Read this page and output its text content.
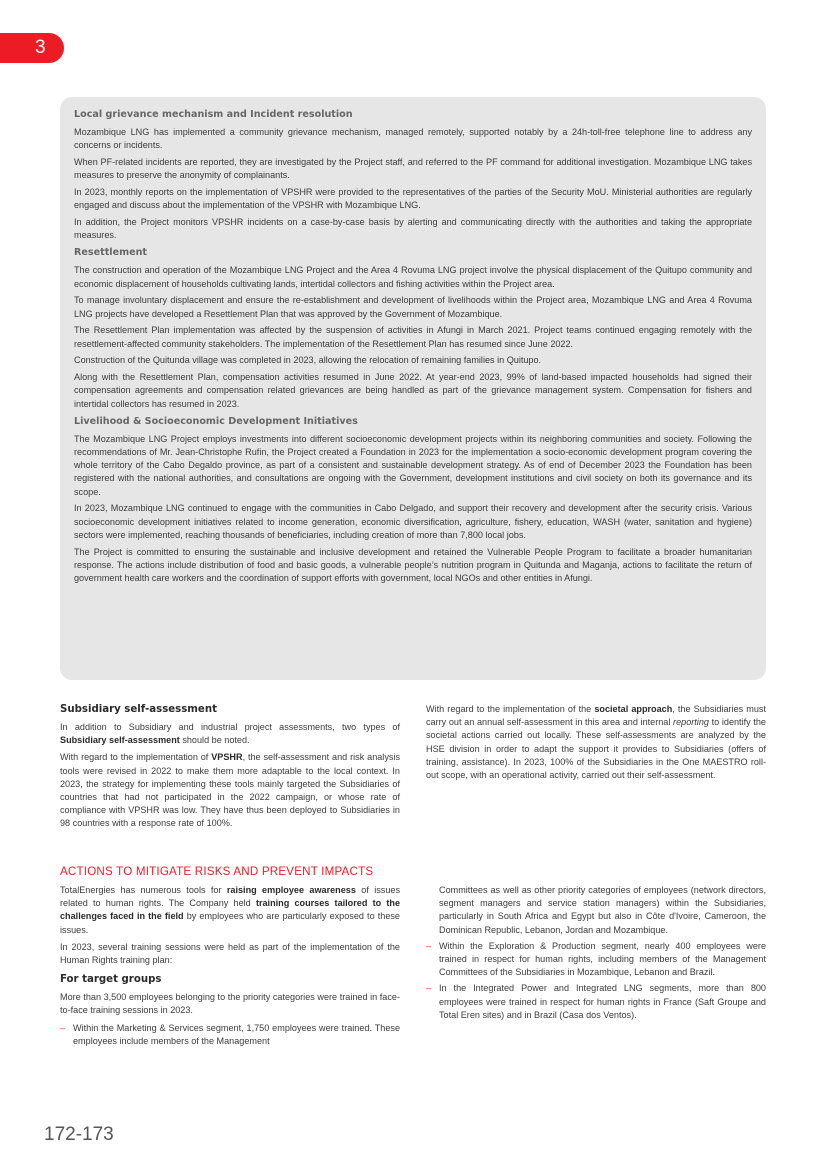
3
Local grievance mechanism and Incident resolution

Mozambique LNG has implemented a community grievance mechanism, managed remotely, supported notably by a 24h-toll-free telephone line to address any concerns or incidents.

When PF-related incidents are reported, they are investigated by the Project staff, and referred to the PF command for additional investigation. Mozambique LNG takes measures to preserve the anonymity of complainants.

In 2023, monthly reports on the implementation of VPSHR were provided to the representatives of the parties of the Security MoU. Ministerial authorities are regularly engaged and discuss about the implementation of the VPSHR with Mozambique LNG.

In addition, the Project monitors VPSHR incidents on a case-by-case basis by alerting and communicating directly with the authorities and taking the appropriate measures.

Resettlement

The construction and operation of the Mozambique LNG Project and the Area 4 Rovuma LNG project involve the physical displacement of the Quitupo community and economic displacement of households cultivating lands, intertidal collectors and fishing activities within the Project area.

To manage involuntary displacement and ensure the re-establishment and development of livelihoods within the Project area, Mozambique LNG and Area 4 Rovuma LNG projects have developed a Resettlement Plan that was approved by the Government of Mozambique.

The Resettlement Plan implementation was affected by the suspension of activities in Afungi in March 2021. Project teams continued engaging remotely with the resettlement-affected community stakeholders. The implementation of the Resettlement Plan has resumed since June 2022.

Construction of the Quitunda village was completed in 2023, allowing the relocation of remaining families in Quitupo.

Along with the Resettlement Plan, compensation activities resumed in June 2022. At year-end 2023, 99% of land-based impacted households had signed their compensation agreements and compensation related grievances are being handled as part of the grievance management system. Compensation for fishers and intertidal collectors has resumed in 2023.

Livelihood & Socioeconomic Development Initiatives

The Mozambique LNG Project employs investments into different socioeconomic development projects within its neighboring communities and society. Following the recommendations of Mr. Jean-Christophe Rufin, the Project created a Foundation in 2023 for the implementation a socio-economic development program covering the whole territory of the Cabo Degaldo province, as part of a consistent and sustainable development strategy. As of end of December 2023 the Foundation has been registered with the national authorities, and consultations are ongoing with the Government, development institutions and civil society on both its governance and its scope.

In 2023, Mozambique LNG continued to engage with the communities in Cabo Delgado, and support their recovery and development after the security crisis. Various socioeconomic development initiatives related to income generation, economic diversification, agriculture, fishery, education, WASH (water, sanitation and hygiene) sectors were implemented, reaching thousands of beneficiaries, including creation of more than 7,800 local jobs.

The Project is committed to ensuring the sustainable and inclusive development and retained the Vulnerable People Program to facilitate a broader humanitarian response. The actions include distribution of food and basic goods, a vulnerable people’s nutrition program in Quitunda and Maganja, actions to facilitate the return of government health care workers and the coordination of support efforts with government, local NGOs and other entities in Afungi.

Subsidiary self-assessment

In addition to Subsidiary and industrial project assessments, two types of Subsidiary self-assessment should be noted.

With regard to the implementation of VPSHR, the self-assessment and risk analysis tools were revised in 2022 to make them more adaptable to the local context. In 2023, the strategy for implementing these tools mainly targeted the Subsidiaries of countries that had not participated in the 2022 campaign, or whose rate of compliance with VPSHR was low. They have thus been deployed to Subsidiaries in 98 countries with a response rate of 100%.

With regard to the implementation of the societal approach, the Subsidiaries must carry out an annual self-assessment in this area and internal reporting to identify the societal actions carried out locally. These self-assessments are analyzed by the HSE division in order to adapt the support it provides to Subsidiaries (offers of training, assistance). In 2023, 100% of the Subsidiaries in the One MAESTRO roll-out scope, with an operational activity, carried out their self-assessment.

ACTIONS TO MITIGATE RISKS AND PREVENT IMPACTS

TotalEnergies has numerous tools for raising employee awareness of issues related to human rights. The Company held training courses tailored to the challenges faced in the field by employees who are particularly exposed to these issues.

In 2023, several training sessions were held as part of the implementation of the Human Rights training plan:

For target groups

More than 3,500 employees belonging to the priority categories were trained in face-to-face training sessions in 2023.

– Within the Marketing & Services segment, 1,750 employees were trained. These employees include members of the Management
Committees as well as other priority categories of employees (network directors, segment managers and service station managers) within the Subsidiaries, particularly in South Africa and Egypt but also in Côte d'Ivoire, Cameroon, the Dominican Republic, Lebanon, Jordan and Mozambique.
– Within the Exploration & Production segment, nearly 400 employees were trained in respect for human rights, including members of the Management Committees of the Subsidiaries in Mozambique, Lebanon and Brazil.
– In the Integrated Power and Integrated LNG segments, more than 800 employees were trained in respect for human rights in France (Saft Groupe and Total Eren sites) and in Brazil (Casa dos Ventos).
172-173
